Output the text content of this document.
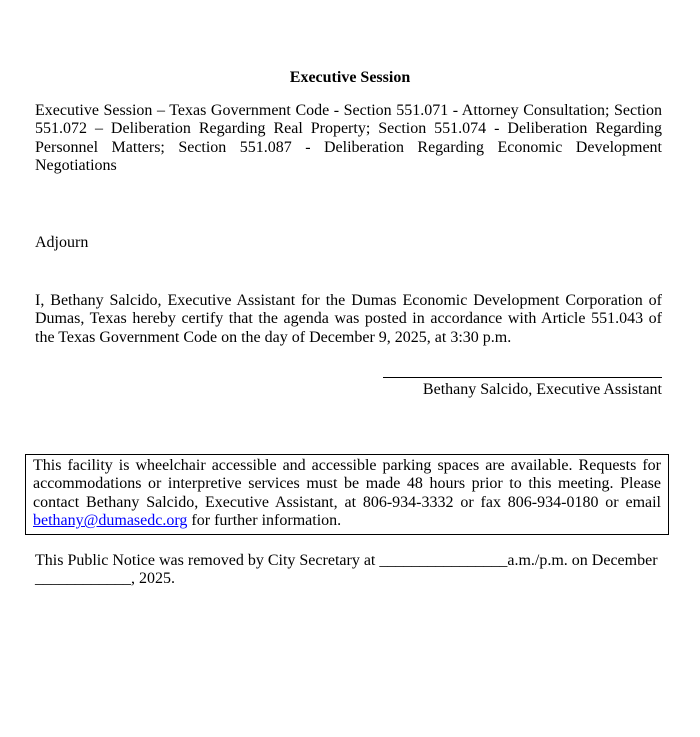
Executive Session

Executive Session – Texas Government Code - Section 551.071 - Attorney Consultation; Section 551.072 – Deliberation Regarding Real Property; Section 551.074 - Deliberation Regarding Personnel Matters; Section 551.087 - Deliberation Regarding Economic Development Negotiations

Adjourn

I, Bethany Salcido, Executive Assistant for the Dumas Economic Development Corporation of Dumas, Texas hereby certify that the agenda was posted in accordance with Article 551.043 of the Texas Government Code on the day of December 9, 2025, at 3:30 p.m.

Bethany Salcido, Executive Assistant
This facility is wheelchair accessible and accessible parking spaces are available. Requests for accommodations or interpretive services must be made 48 hours prior to this meeting. Please contact Bethany Salcido, Executive Assistant, at 806-934-3332 or fax 806-934-0180 or email bethany@dumasedc.org for further information.

This Public Notice was removed by City Secretary at ________________a.m./p.m. on December ____________, 2025.
